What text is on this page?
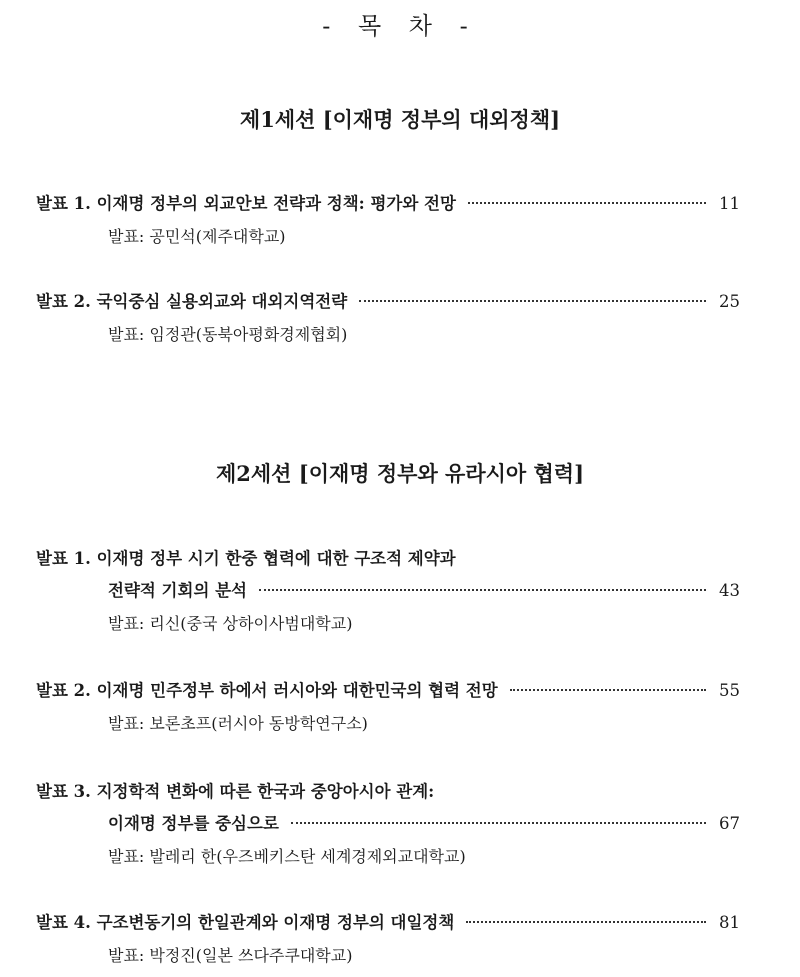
- 목 차 -
제1세션 [이재명 정부의 대외정책]
발표 1. 이재명 정부의 외교안보 전략과 정책: 평가와 전망	11
발표: 공민석(제주대학교)
발표 2. 국익중심 실용외교와 대외지역전략	25
발표: 임정관(동북아평화경제협회)
제2세션 [이재명 정부와 유라시아 협력]
발표 1. 이재명 정부 시기 한중 협력에 대한 구조적 제약과
전략적 기회의 분석	43
발표: 리신(중국 상하이사범대학교)
발표 2. 이재명 민주정부 하에서 러시아와 대한민국의 협력 전망	55
발표: 보론초프(러시아 동방학연구소)
발표 3. 지정학적 변화에 따른 한국과 중앙아시아 관계:
이재명 정부를 중심으로	67
발표: 발레리 한(우즈베키스탄 세계경제외교대학교)
발표 4. 구조변동기의 한일관계와 이재명 정부의 대일정책	81
발표: 박정진(일본 쓰다주쿠대학교)
